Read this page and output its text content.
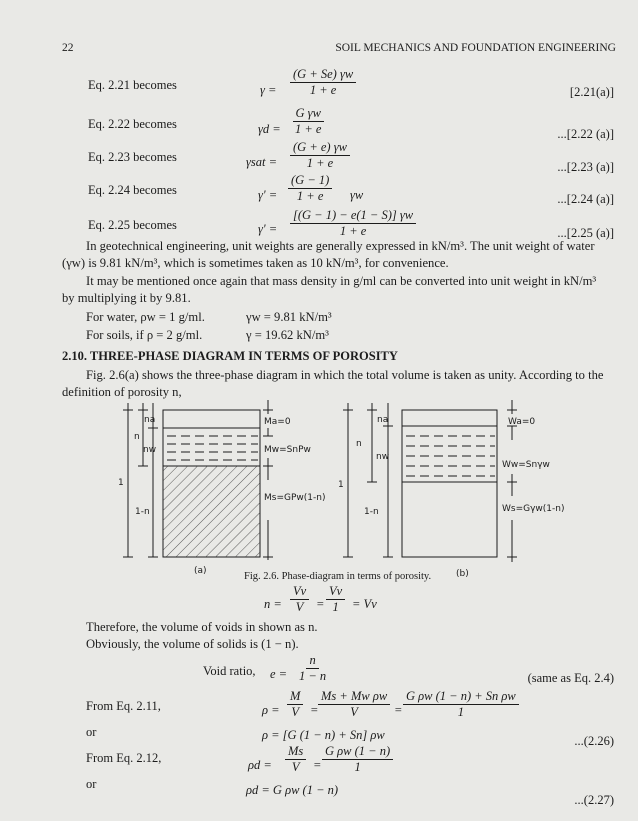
22	SOIL MECHANICS AND FOUNDATION ENGINEERING
Eq. 2.21 becomes	$\gamma = \frac{(G + Se) \gamma w}{1 + e}$	[2.21(a)]
Eq. 2.22 becomes	$\gamma d = \frac{\text{G γw}}{1 + e}$	...[2.22 (a)]
Eq. 2.23 becomes	$\gamma sat = \frac{(G + e) \gamma w}{1 + e}$	...[2.23 (a)]
Eq. 2.24 becomes	$\gamma' = \frac{(G - 1)}{1 + e}$ γw	...[2.24 (a)]
Eq. 2.25 becomes	$\gamma' = \frac{[(G - 1) - e(1 - S)] \gamma w}{1 + e}$	...[2.25 (a)]
In geotechnical engineering, unit weights are generally expressed in kN/m³. The unit weight of water
(γw) is 9.81 kN/m³, which is sometimes taken as 10 kN/m³, for convenience.
It may be mentioned once again that mass density in g/ml can be converted into unit weight in kN/m³
by multiplying it by 9.81.
For water, ρw = 1 g/ml.	γw = 9.81 kN/m³
For soils, if ρ = 2 g/ml.	γ = 19.62 kN/m³
2.10. THREE-PHASE DIAGRAM IN TERMS OF POROSITY
Fig. 2.6(a) shows the three-phase diagram in which the total volume is taken as unity. According to the
definition of porosity n,
na
n
nw
1
1-n
Ma=0
Mw=SnPw
Ms=GPw(1-n)
na
n
nw
1
1-n
Wa=0
Ww=Snγw
Ws=Gγw(1-n)
(a)	Fig. 2.6. Phase-diagram in terms of porosity.	(b)
$n = \frac{Vv}{V} = \frac{Vv}{1} = Vv$
Therefore, the volume of voids in shown as n.
Obviously, the volume of solids is (1 − n).
Void ratio, $e = \frac{n}{1 - n}$	(same as Eq. 2.4)
From Eq. 2.11,	$\rho = \frac{M}{V} = \frac{\text{Ms + Mw ρw}}{V} = \frac{\text{G ρw (1 − n) + Sn ρw}}{1}$
or	ρ = [G (1 − n) + Sn] ρw	...(2.26)
From Eq. 2.12,	$\rho d = \frac{Ms}{V} = \frac{\text{G ρw (1 − n)}}{1}$
or	ρd = G ρw (1 − n)
...(2.27)
